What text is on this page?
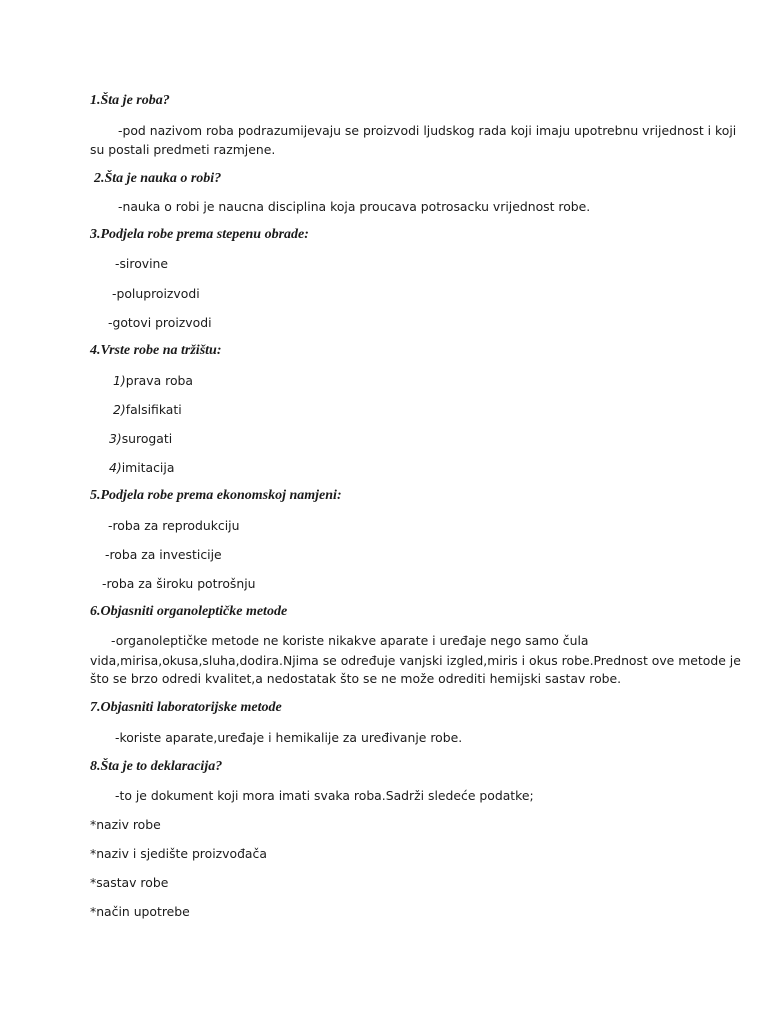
1.Šta je roba?
-pod nazivom roba podrazumijevaju se proizvodi ljudskog rada koji imaju upotrebnu vrijednost i koji
su postali predmeti razmjene.
2.Šta je nauka o robi?
-nauka o robi je naucna disciplina koja proucava potrosacku vrijednost robe.
3.Podjela robe prema stepenu obrade:
-sirovine
-poluproizvodi
-gotovi proizvodi
4.Vrste robe na tržištu:
1)prava roba
2)falsifikati
3)surogati
4)imitacija
5.Podjela robe prema ekonomskoj namjeni:
-roba za reprodukciju
-roba za investicije
-roba za široku potrošnju
6.Objasniti organoleptičke metode
-organoleptičke metode ne koriste nikakve aparate i uređaje nego samo čula
vida,mirisa,okusa,sluha,dodira.Njima se određuje vanjski izgled,miris i okus robe.Prednost ove metode je
što se brzo odredi kvalitet,a nedostatak što se ne može odrediti hemijski sastav robe.
7.Objasniti laboratorijske metode
-koriste aparate,uređaje i hemikalije za uređivanje robe.
8.Šta je to deklaracija?
-to je dokument koji mora imati svaka roba.Sadrži sledeće podatke;
*naziv robe
*naziv i sjedište proizvođača
*sastav robe
*način upotrebe
